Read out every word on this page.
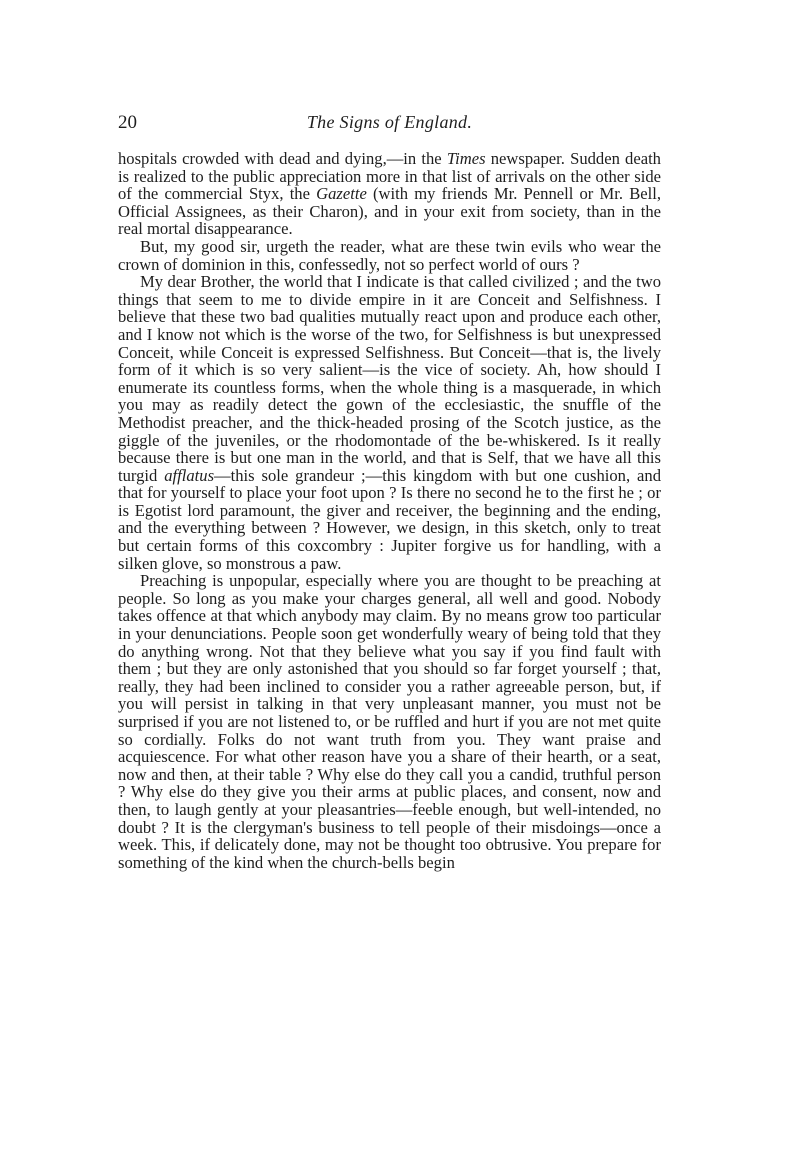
20	The Signs of England.

hospitals crowded with dead and dying,—in the Times newspaper. Sudden death is realized to the public appreciation more in that list of arrivals on the other side of the commercial Styx, the Gazette (with my friends Mr. Pennell or Mr. Bell, Official Assignees, as their Charon), and in your exit from society, than in the real mortal disappearance.

But, my good sir, urgeth the reader, what are these twin evils who wear the crown of dominion in this, confessedly, not so perfect world of ours ?

My dear Brother, the world that I indicate is that called civilized ; and the two things that seem to me to divide empire in it are Conceit and Selfishness. I believe that these two bad qualities mutually react upon and produce each other, and I know not which is the worse of the two, for Selfishness is but unexpressed Conceit, while Conceit is expressed Selfishness. But Conceit—that is, the lively form of it which is so very salient—is the vice of society. Ah, how should I enumerate its countless forms, when the whole thing is a masquerade, in which you may as readily detect the gown of the ecclesiastic, the snuffle of the Methodist preacher, and the thick-headed prosing of the Scotch justice, as the giggle of the juveniles, or the rhodomontade of the be-whiskered. Is it really because there is but one man in the world, and that is Self, that we have all this turgid afflatus—this sole grandeur ;—this kingdom with but one cushion, and that for yourself to place your foot upon ? Is there no second he to the first he ; or is Egotist lord paramount, the giver and receiver, the beginning and the ending, and the everything between ? However, we design, in this sketch, only to treat but certain forms of this coxcombry : Jupiter forgive us for handling, with a silken glove, so monstrous a paw.

Preaching is unpopular, especially where you are thought to be preaching at people. So long as you make your charges general, all well and good. Nobody takes offence at that which anybody may claim. By no means grow too particular in your denunciations. People soon get wonderfully weary of being told that they do anything wrong. Not that they believe what you say if you find fault with them ; but they are only astonished that you should so far forget yourself ; that, really, they had been inclined to consider you a rather agreeable person, but, if you will persist in talking in that very unpleasant manner, you must not be surprised if you are not listened to, or be ruffled and hurt if you are not met quite so cordially. Folks do not want truth from you. They want praise and acquiescence. For what other reason have you a share of their hearth, or a seat, now and then, at their table ? Why else do they call you a candid, truthful person ? Why else do they give you their arms at public places, and consent, now and then, to laugh gently at your pleasantries—feeble enough, but well-intended, no doubt ? It is the clergyman's business to tell people of their misdoings—once a week. This, if delicately done, may not be thought too obtrusive. You prepare for something of the kind when the church-bells begin
